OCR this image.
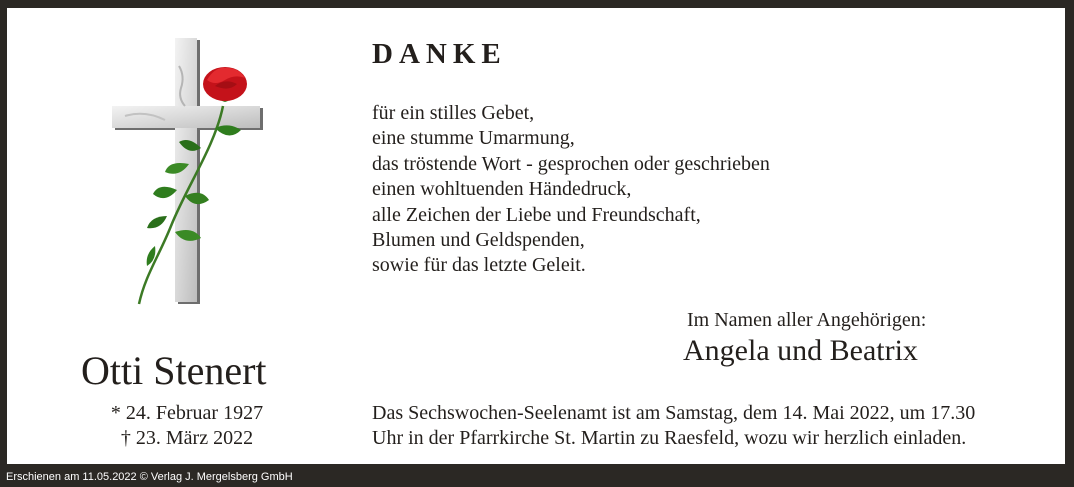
DANKE
für ein stilles Gebet,
eine stumme Umarmung,
das tröstende Wort - gesprochen oder geschrieben
einen wohltuenden Händedruck,
alle Zeichen der Liebe und Freundschaft,
Blumen und Geldspenden,
sowie für das letzte Geleit.
Im Namen aller Angehörigen:
Angela und Beatrix
Otti Stenert
* 24. Februar 1927
† 23. März 2022
Das Sechswochen-Seelenamt ist am Samstag, dem 14. Mai 2022, um 17.30
Uhr in der Pfarrkirche St. Martin zu Raesfeld, wozu wir herzlich einladen.
Erschienen am 11.05.2022 © Verlag J. Mergelsberg GmbH
